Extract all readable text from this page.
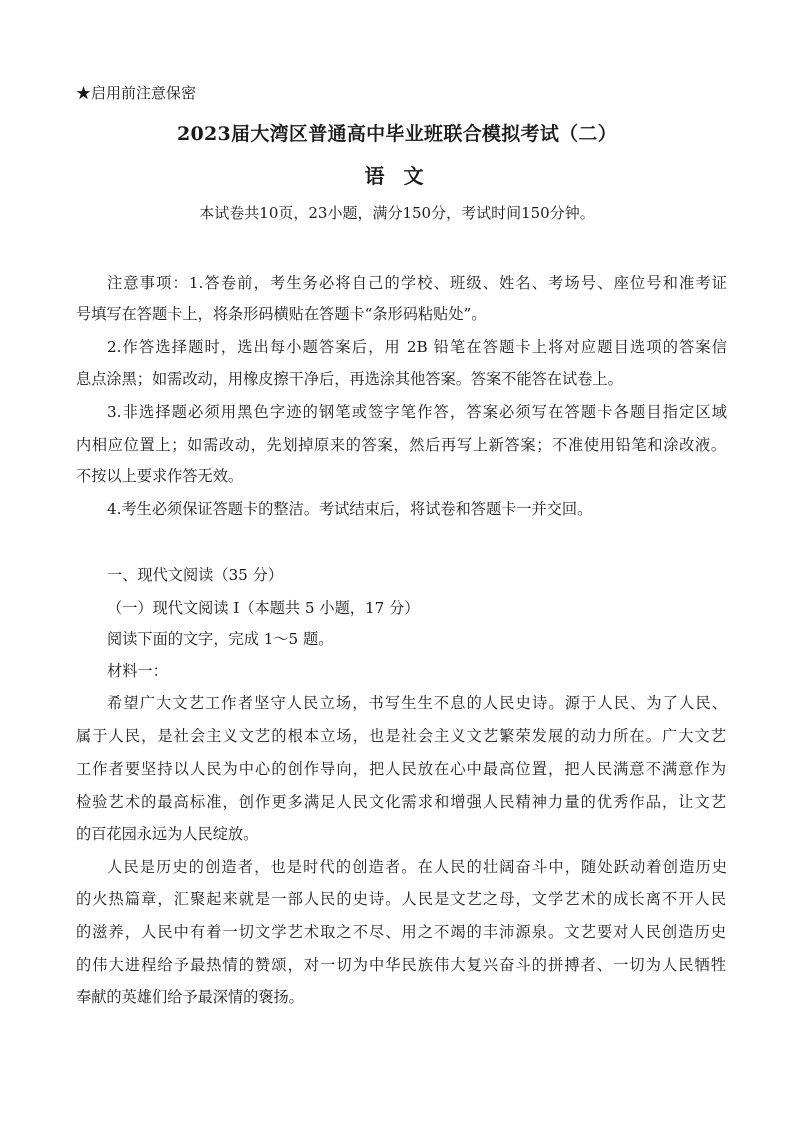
★启用前注意保密
2023届大湾区普通高中毕业班联合模拟考试（二）
语 文
本试卷共10页，23小题，满分150分，考试时间150分钟。
注意事项：1.答卷前，考生务必将自己的学校、班级、姓名、考场号、座位号和准考证
号填写在答题卡上，将条形码横贴在答题卡“条形码粘贴处”。
2.作答选择题时，选出每小题答案后，用 2B 铅笔在答题卡上将对应题目选项的答案信
息点涂黑；如需改动，用橡皮擦干净后，再选涂其他答案。答案不能答在试卷上。
3.非选择题必须用黑色字迹的钢笔或签字笔作答，答案必须写在答题卡各题目指定区域
内相应位置上；如需改动，先划掉原来的答案，然后再写上新答案；不准使用铅笔和涂改液。
不按以上要求作答无效。
4.考生必须保证答题卡的整洁。考试结束后，将试卷和答题卡一并交回。
一、现代文阅读（35 分）
（一）现代文阅读 I（本题共 5 小题，17 分）
阅读下面的文字，完成 1～5 题。
材料一：
希望广大文艺工作者坚守人民立场，书写生生不息的人民史诗。源于人民、为了人民、
属于人民，是社会主义文艺的根本立场，也是社会主义文艺繁荣发展的动力所在。广大文艺
工作者要坚持以人民为中心的创作导向，把人民放在心中最高位置，把人民满意不满意作为
检验艺术的最高标准，创作更多满足人民文化需求和增强人民精神力量的优秀作品，让文艺
的百花园永远为人民绽放。
人民是历史的创造者，也是时代的创造者。在人民的壮阔奋斗中，随处跃动着创造历史
的火热篇章，汇聚起来就是一部人民的史诗。人民是文艺之母，文学艺术的成长离不开人民
的滋养，人民中有着一切文学艺术取之不尽、用之不竭的丰沛源泉。文艺要对人民创造历史
的伟大进程给予最热情的赞颂，对一切为中华民族伟大复兴奋斗的拼搏者、一切为人民牺牲
奉献的英雄们给予最深情的褒扬。
